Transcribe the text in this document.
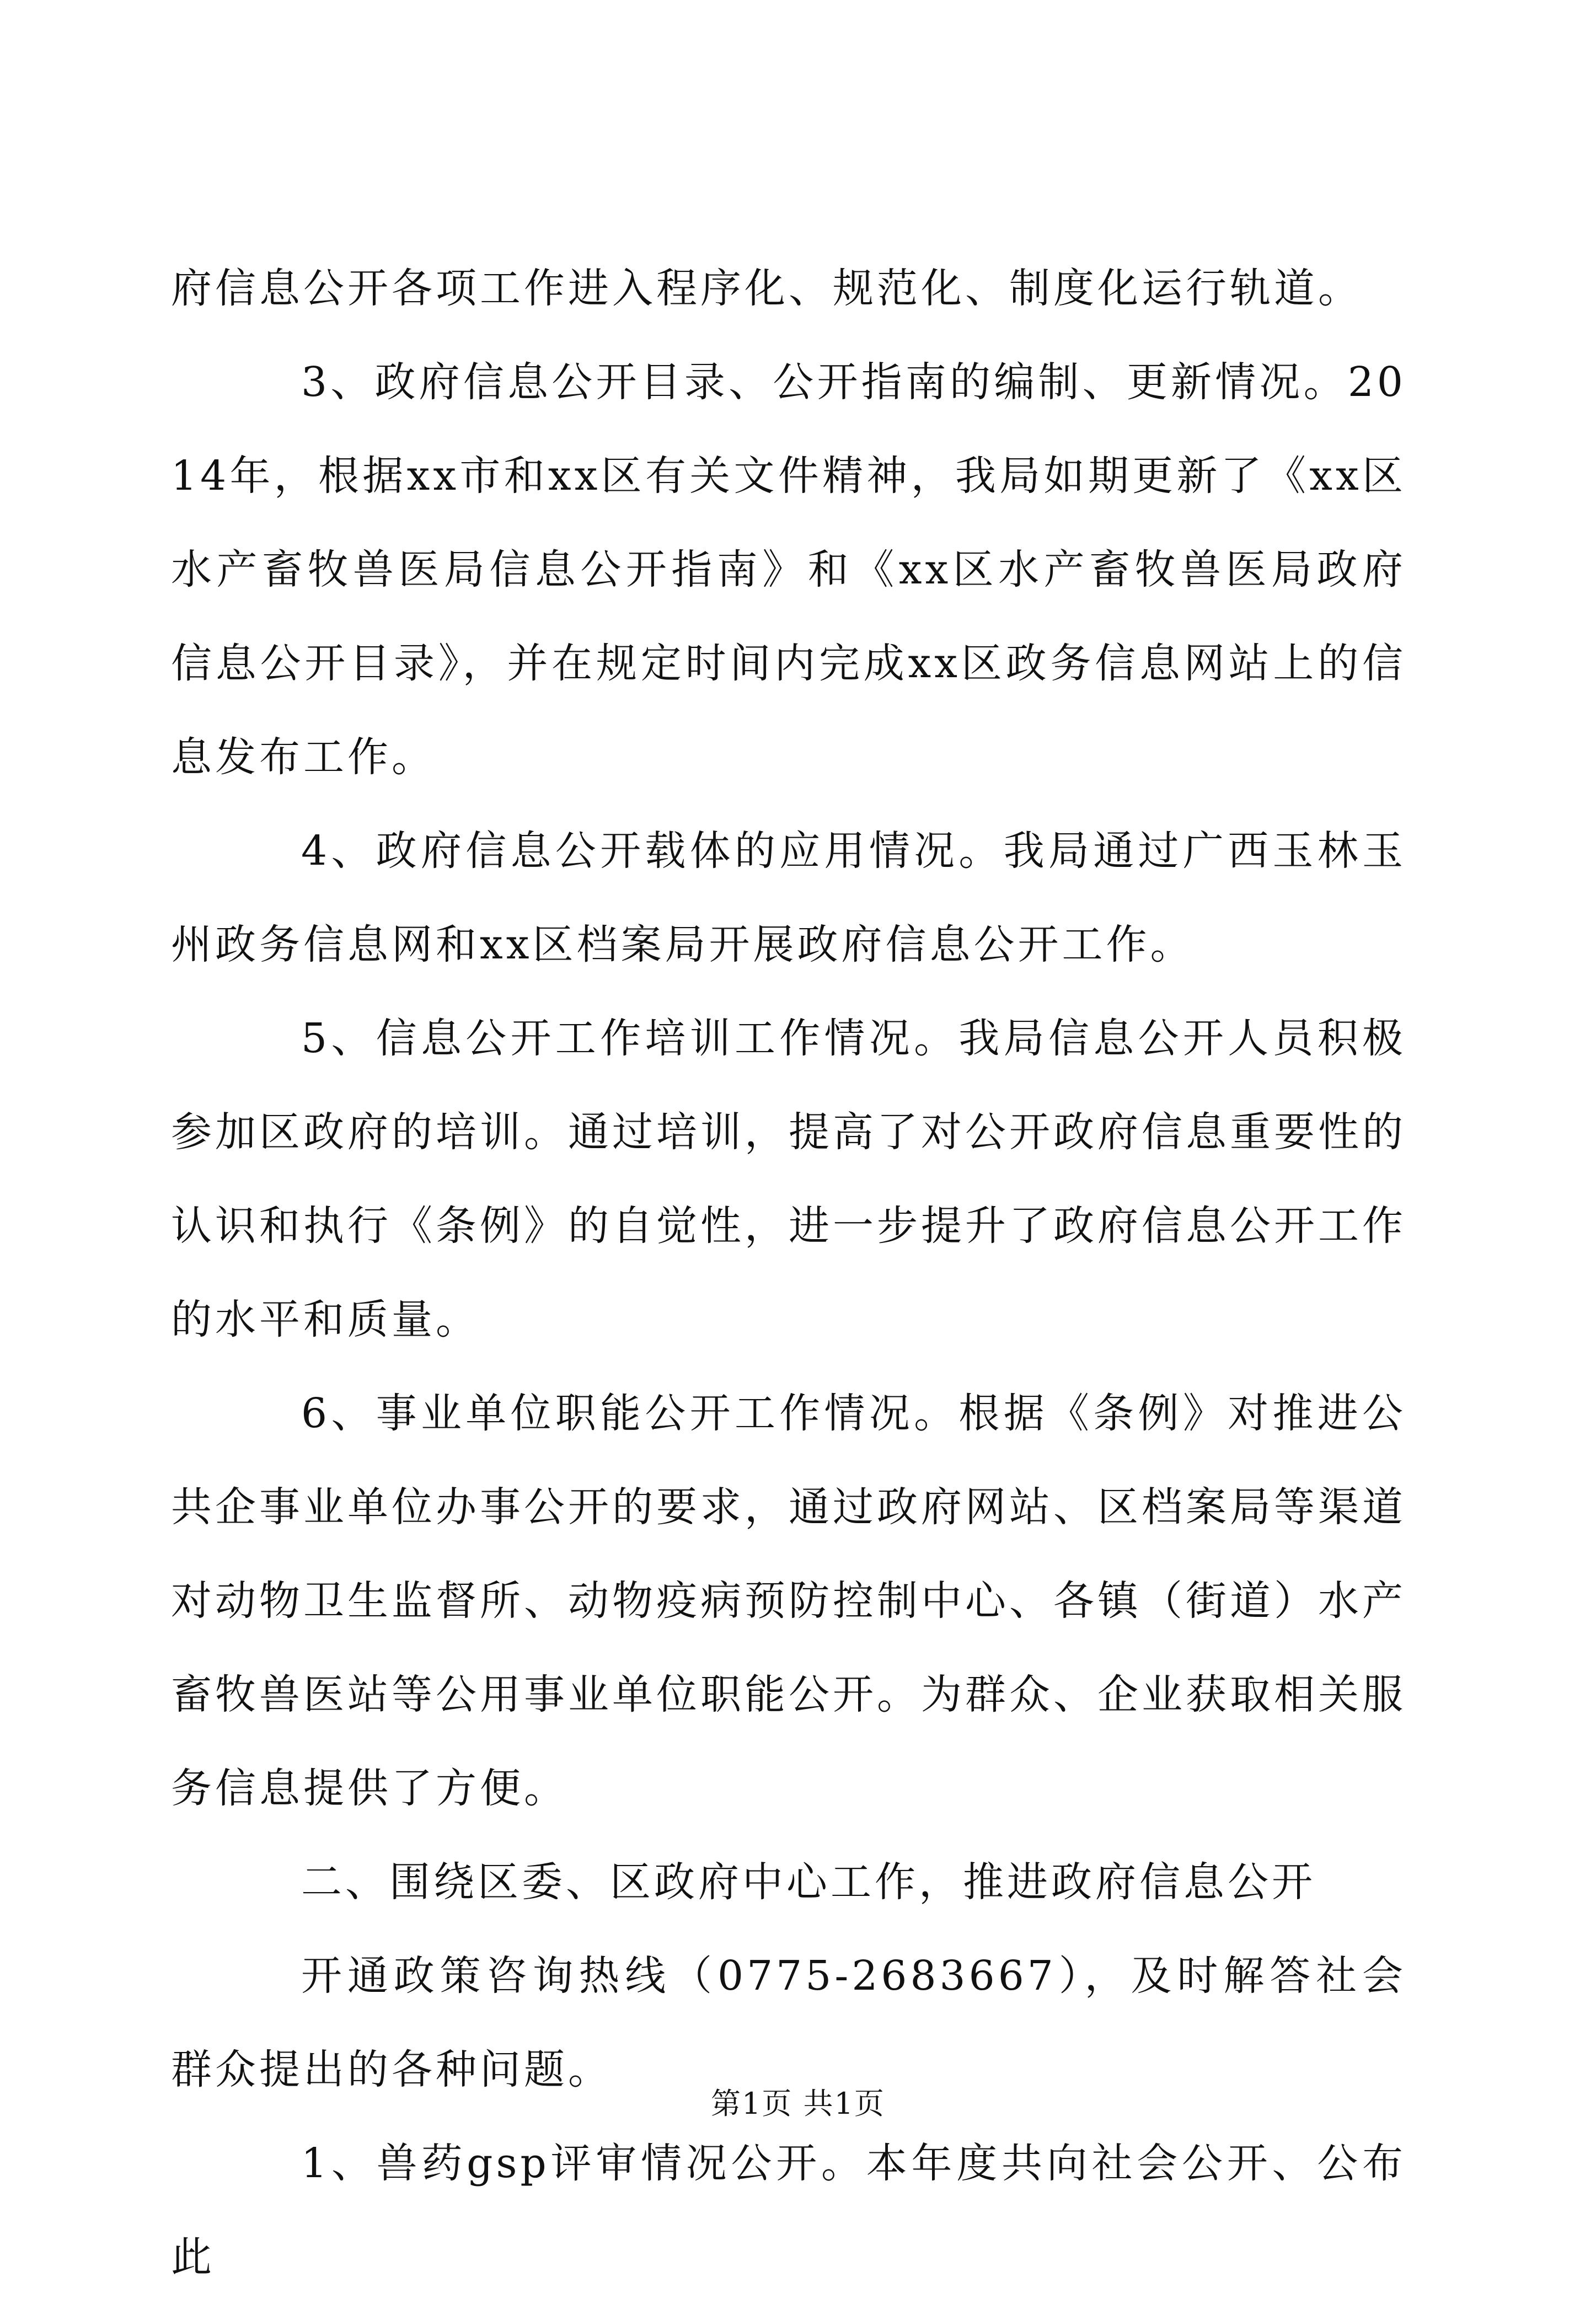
府信息公开各项工作进入程序化、规范化、制度化运行轨道。

3、政府信息公开目录、公开指南的编制、更新情况。2014年，根据xx市和xx区有关文件精神，我局如期更新了《xx区水产畜牧兽医局信息公开指南》和《xx区水产畜牧兽医局政府信息公开目录》，并在规定时间内完成xx区政务信息网站上的信息发布工作。

4、政府信息公开载体的应用情况。我局通过广西玉林玉州政务信息网和xx区档案局开展政府信息公开工作。

5、信息公开工作培训工作情况。我局信息公开人员积极参加区政府的培训。通过培训，提高了对公开政府信息重要性的认识和执行《条例》的自觉性，进一步提升了政府信息公开工作的水平和质量。

6、事业单位职能公开工作情况。根据《条例》对推进公共企事业单位办事公开的要求，通过政府网站、区档案局等渠道对动物卫生监督所、动物疫病预防控制中心、各镇（街道）水产畜牧兽医站等公用事业单位职能公开。为群众、企业获取相关服务信息提供了方便。

二、围绕区委、区政府中心工作，推进政府信息公开

开通政策咨询热线（0775-2683667），及时解答社会群众提出的各种问题。

1、兽药gsp评审情况公开。本年度共向社会公开、公布此

第1页 共1页
